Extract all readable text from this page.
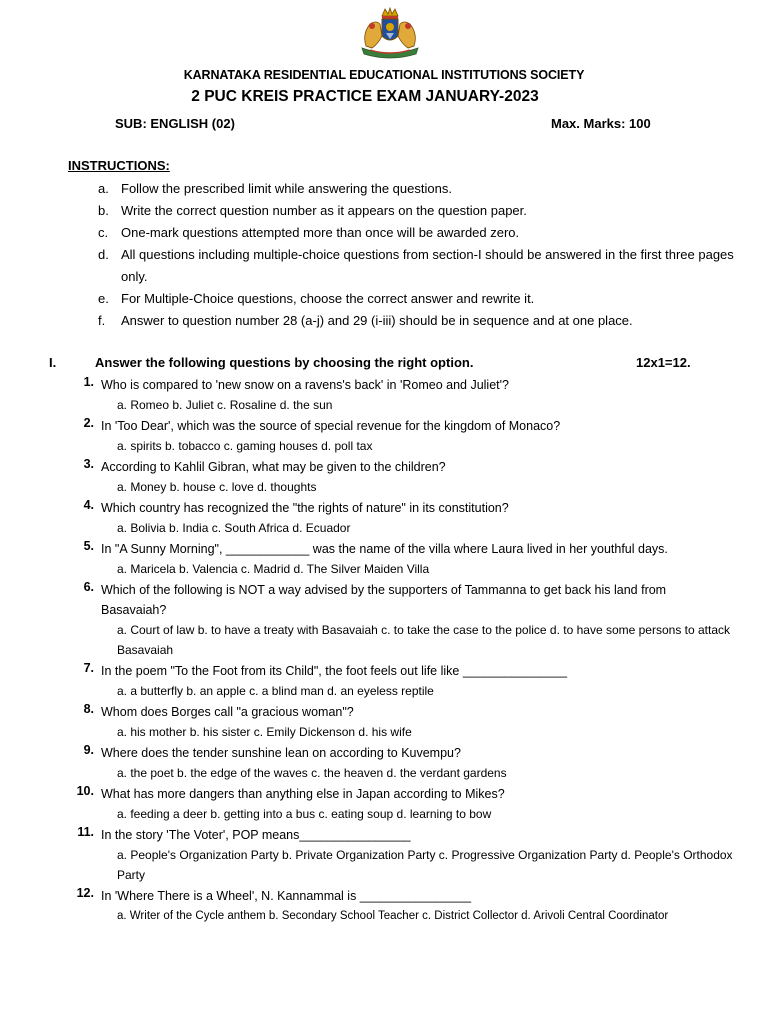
KARNATAKA RESIDENTIAL EDUCATIONAL INSTITUTIONS SOCIETY
2 PUC KREIS PRACTICE EXAM JANUARY-2023
SUB: ENGLISH (02)	Max. Marks: 100
INSTRUCTIONS:
a. Follow the prescribed limit while answering the questions.
b. Write the correct question number as it appears on the question paper.
c. One-mark questions attempted more than once will be awarded zero.
d. All questions including multiple-choice questions from section-I should be answered in the first three pages only.
e. For Multiple-Choice questions, choose the correct answer and rewrite it.
f. Answer to question number 28 (a-j) and 29 (i-iii) should be in sequence and at one place.
I.	Answer the following questions by choosing the right option.	12x1=12.
1. Who is compared to 'new snow on a ravens's back' in 'Romeo and Juliet'?
a. Romeo b. Juliet c. Rosaline d. the sun
2. In 'Too Dear', which was the source of special revenue for the kingdom of Monaco?
a. spirits b. tobacco c. gaming houses d. poll tax
3. According to Kahlil Gibran, what may be given to the children?
a. Money b. house c. love d. thoughts
4. Which country has recognized the "the rights of nature" in its constitution?
a. Bolivia b. India c. South Africa d. Ecuador
5. In "A Sunny Morning", ____________ was the name of the villa where Laura lived in her youthful days.
a. Maricela b. Valencia c. Madrid d. The Silver Maiden Villa
6. Which of the following is NOT a way advised by the supporters of Tammanna to get back his land from Basavaiah?
a. Court of law b. to have a treaty with Basavaiah c. to take the case to the police d. to have some persons to attack Basavaiah
7. In the poem "To the Foot from its Child", the foot feels out life like _______________
a. a butterfly b. an apple c. a blind man d. an eyeless reptile
8. Whom does Borges call "a gracious woman"?
a. his mother b. his sister c. Emily Dickenson d. his wife
9. Where does the tender sunshine lean on according to Kuvempu?
a. the poet b. the edge of the waves c. the heaven d. the verdant gardens
10. What has more dangers than anything else in Japan according to Mikes?
a. feeding a deer b. getting into a bus c. eating soup d. learning to bow
11. In the story 'The Voter', POP means________________
a. People's Organization Party b. Private Organization Party c. Progressive Organization Party d. People's Orthodox Party
12. In 'Where There is a Wheel', N. Kannammal is ________________
a. Writer of the Cycle anthem b. Secondary School Teacher c. District Collector d. Arivoli Central Coordinator
